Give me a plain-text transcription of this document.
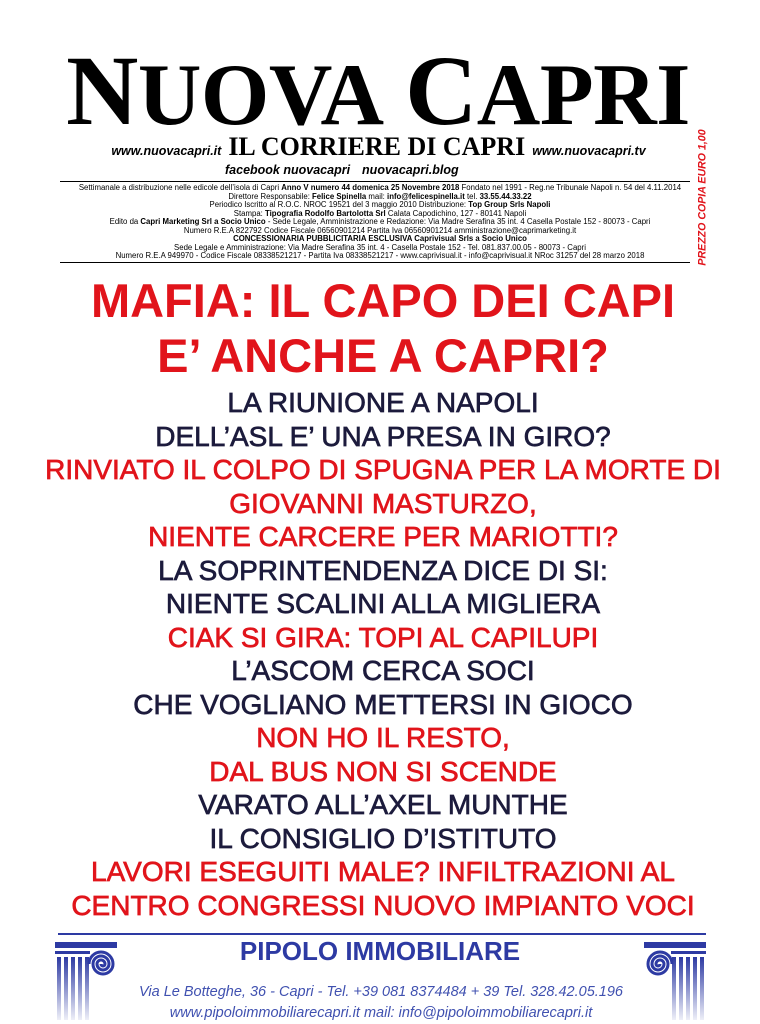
NUOVA CAPRI
www.nuovacapri.it IL CORRIERE DI CAPRI www.nuovacapri.tv
facebook nuovacapri nuovacapri.blog
Settimanale a distribuzione nelle edicole dell’isola di Capri Anno V numero 44 domenica 25 Novembre 2018 Fondato nel 1991 - Reg.ne Tribunale Napoli n. 54 del 4.11.2014
Direttore Responsabile: Felice Spinella mail: info@felicespinella.it tel. 33.55.44.33.22
Periodico Iscritto al R.O.C. NROC 19521 del 3 maggio 2010 Distribuzione: Top Group Srls Napoli
Stampa: Tipografia Rodolfo Bartolotta Srl Calata Capodichino, 127 - 80141 Napoli
Edito da Capri Marketing Srl a Socio Unico - Sede Legale, Amministrazione e Redazione: Via Madre Serafina 35 int. 4 Casella Postale 152 - 80073 - Capri
Numero R.E.A 822792 Codice Fiscale 06560901214 Partita Iva 06560901214 amministrazione@caprimarketing.it
CONCESSIONARIA PUBBLICITARIA ESCLUSIVA Caprivisual Srls a Socio Unico
Sede Legale e Amministrazione: Via Madre Serafina 35 int. 4 - Casella Postale 152 - Tel. 081.837.00.05 - 80073 - Capri
Numero R.E.A 949970 - Codice Fiscale 08338521217 - Partita Iva 08338521217 - www.caprivisual.it - info@caprivisual.it NRoc 31257 del 28 marzo 2018	PREZZO COPIA EURO 1,00
MAFIA: IL CAPO DEI CAPI
E’ ANCHE A CAPRI?
LA RIUNIONE A NAPOLI
DELL’ASL E’ UNA PRESA IN GIRO?
RINVIATO IL COLPO DI SPUGNA PER LA MORTE DI
GIOVANNI MASTURZO,
NIENTE CARCERE PER MARIOTTI?
LA SOPRINTENDENZA DICE DI SI:
NIENTE SCALINI ALLA MIGLIERA
CIAK SI GIRA: TOPI AL CAPILUPI
L’ASCOM CERCA SOCI
CHE VOGLIANO METTERSI IN GIOCO
NON HO IL RESTO,
DAL BUS NON SI SCENDE
VARATO ALL’AXEL MUNTHE
IL CONSIGLIO D’ISTITUTO
LAVORI ESEGUITI MALE? INFILTRAZIONI AL
CENTRO CONGRESSI NUOVO IMPIANTO VOCI
PIPOLO IMMOBILIARE
Via Le Botteghe, 36 - Capri - Tel. +39 081 8374484 + 39 Tel. 328.42.05.196
www.pipoloimmobiliarecapri.it mail: info@pipoloimmobiliarecapri.it
